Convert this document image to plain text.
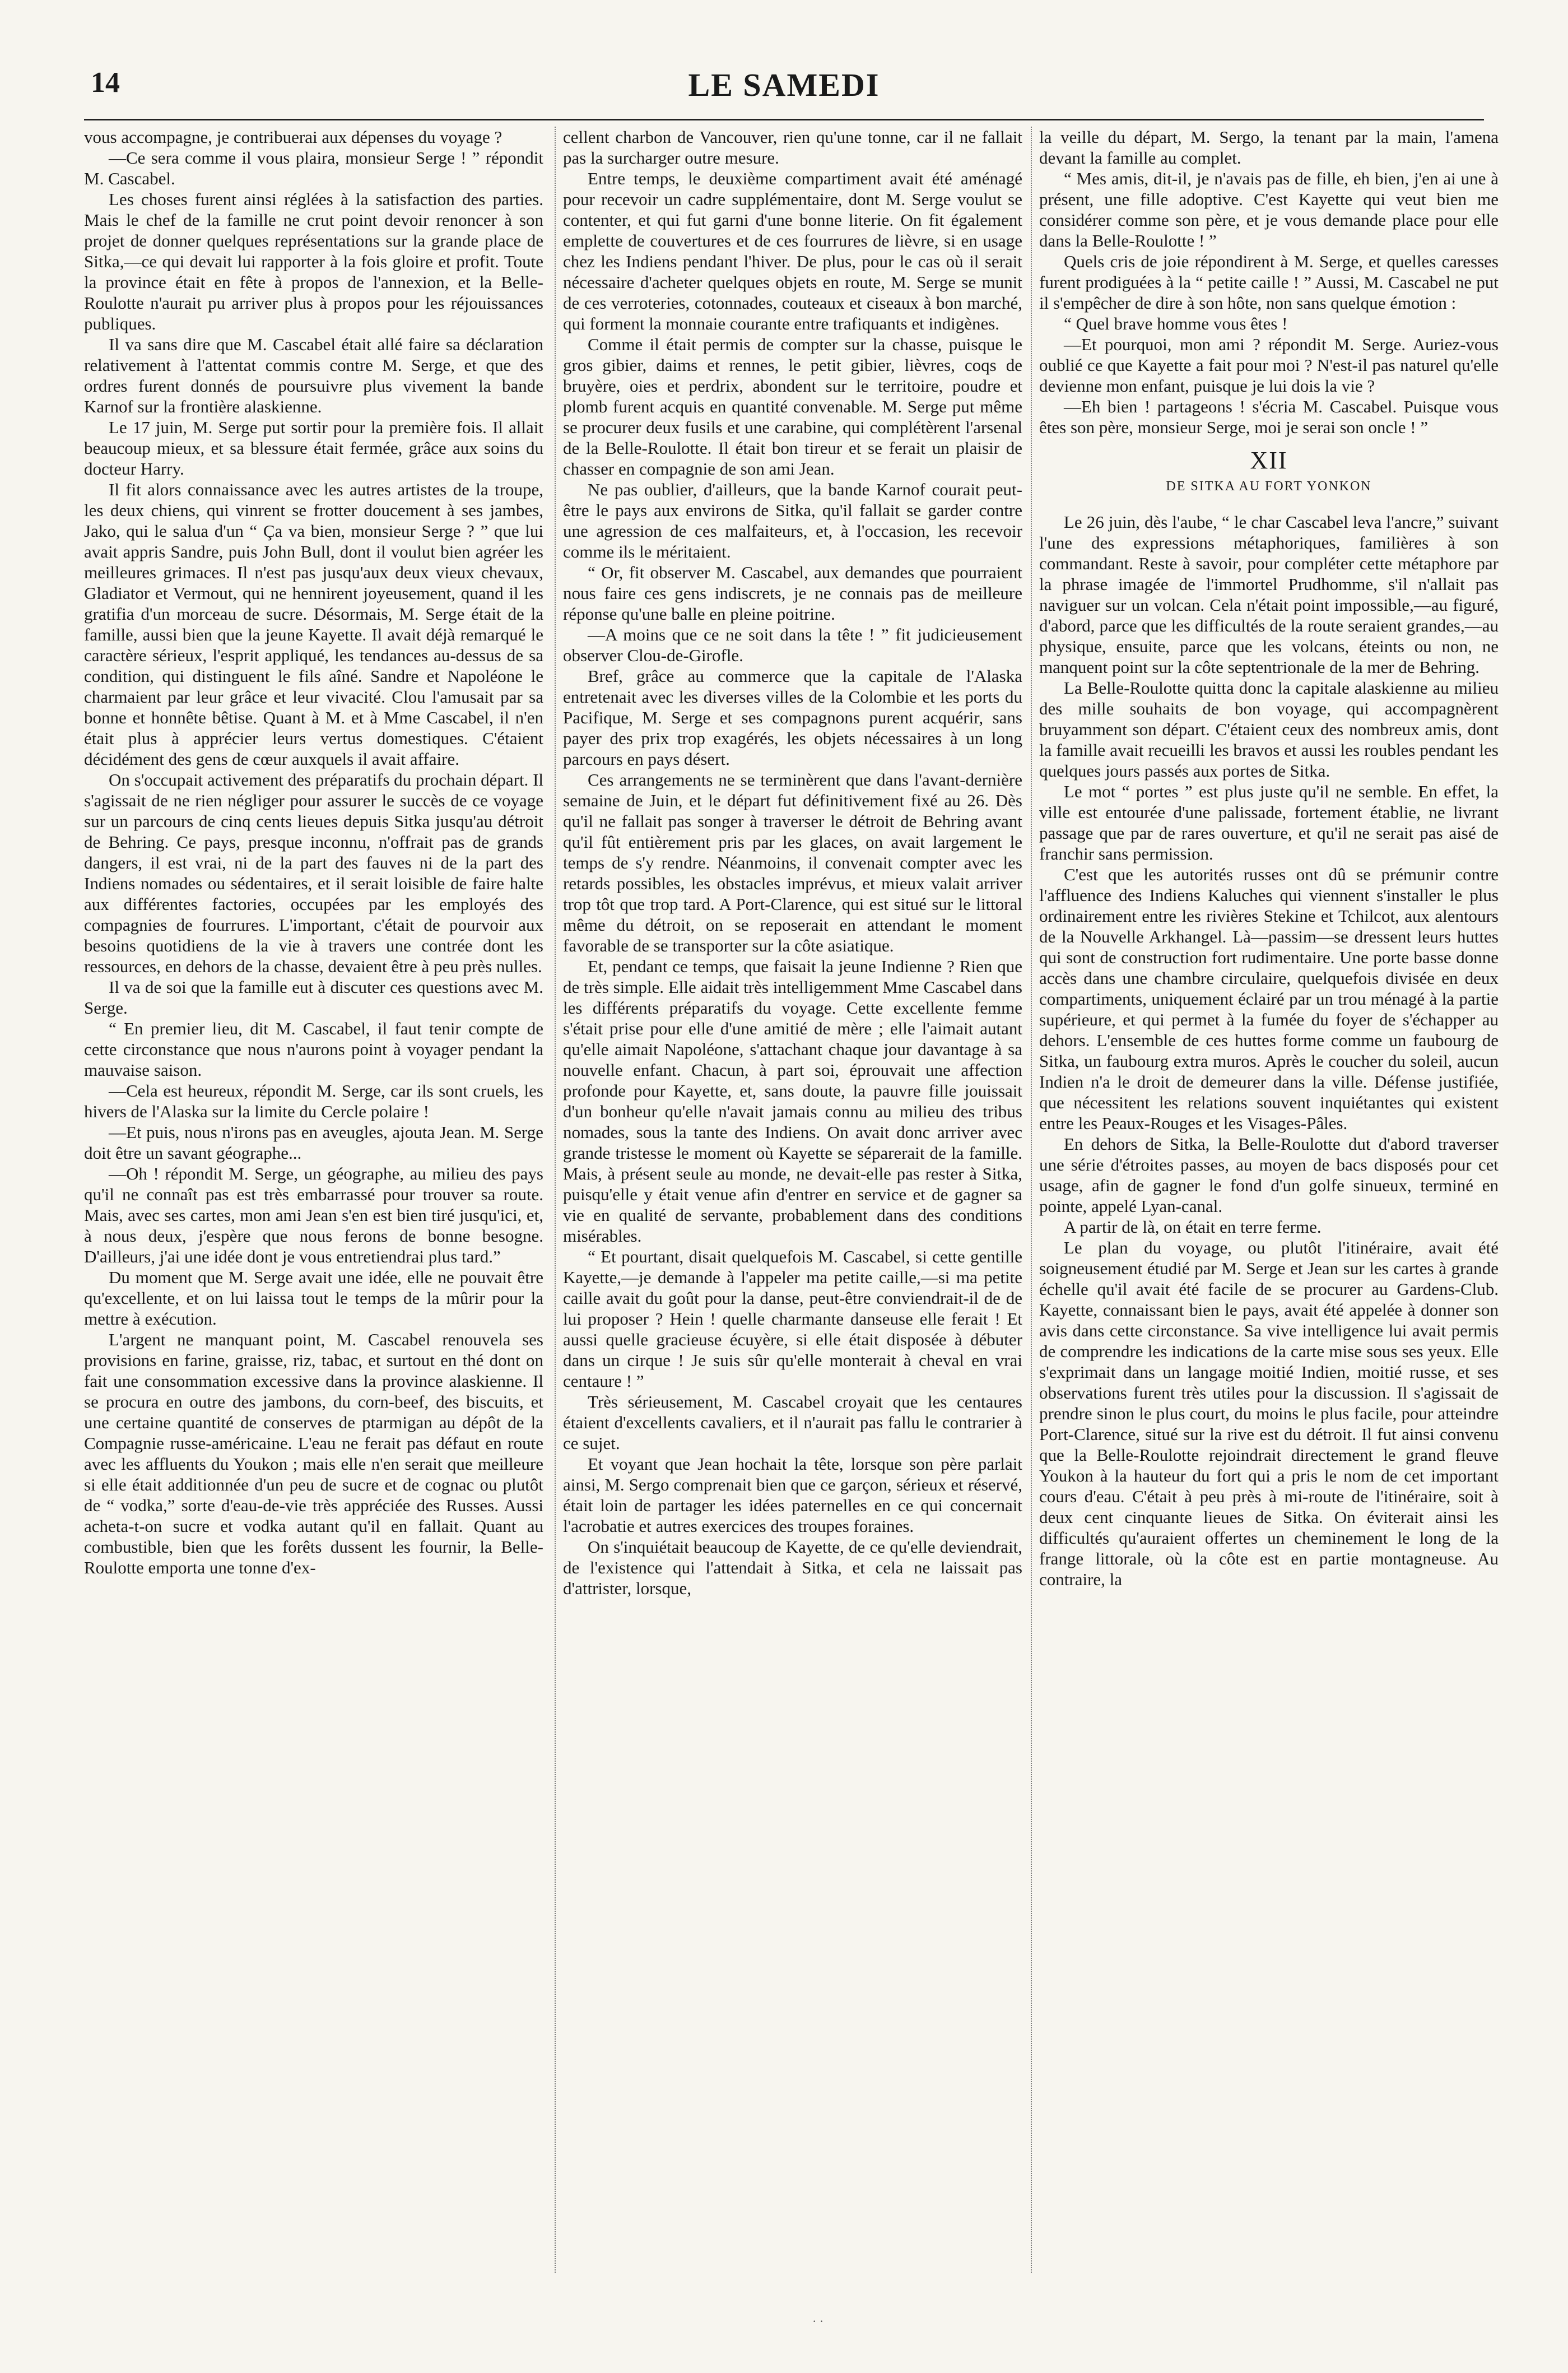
14	LE SAMEDI

vous accompagne, je contribuerai aux dépenses du voyage ?

—Ce sera comme il vous plaira, monsieur Serge ! ” répondit M. Cascabel.

Les choses furent ainsi réglées à la satisfaction des parties. Mais le chef de la famille ne crut point devoir renoncer à son projet de donner quelques représentations sur la grande place de Sitka,—ce qui devait lui rapporter à la fois gloire et profit. Toute la province était en fête à propos de l'annexion, et la Belle-Roulotte n'aurait pu arriver plus à propos pour les réjouissances publiques.

Il va sans dire que M. Cascabel était allé faire sa déclaration relativement à l'attentat commis contre M. Serge, et que des ordres furent donnés de poursuivre plus vivement la bande Karnof sur la frontière alaskienne.

Le 17 juin, M. Serge put sortir pour la première fois. Il allait beaucoup mieux, et sa blessure était fermée, grâce aux soins du docteur Harry.

Il fit alors connaissance avec les autres artistes de la troupe, les deux chiens, qui vinrent se frotter doucement à ses jambes, Jako, qui le salua d'un “ Ça va bien, monsieur Serge ? ” que lui avait appris Sandre, puis John Bull, dont il voulut bien agréer les meilleures grimaces. Il n'est pas jusqu'aux deux vieux chevaux, Gladiator et Vermout, qui ne hennirent joyeusement, quand il les gratifia d'un morceau de sucre. Désormais, M. Serge était de la famille, aussi bien que la jeune Kayette. Il avait déjà remarqué le caractère sérieux, l'esprit appliqué, les tendances au-dessus de sa condition, qui distinguent le fils aîné. Sandre et Napoléone le charmaient par leur grâce et leur vivacité. Clou l'amusait par sa bonne et honnête bêtise. Quant à M. et à Mme Cascabel, il n'en était plus à apprécier leurs vertus domestiques. C'étaient décidément des gens de cœur auxquels il avait affaire.

On s'occupait activement des préparatifs du prochain départ. Il s'agissait de ne rien négliger pour assurer le succès de ce voyage sur un parcours de cinq cents lieues depuis Sitka jusqu'au détroit de Behring. Ce pays, presque inconnu, n'offrait pas de grands dangers, il est vrai, ni de la part des fauves ni de la part des Indiens nomades ou sédentaires, et il serait loisible de faire halte aux différentes factories, occupées par les employés des compagnies de fourrures. L'important, c'était de pourvoir aux besoins quotidiens de la vie à travers une contrée dont les ressources, en dehors de la chasse, devaient être à peu près nulles.

Il va de soi que la famille eut à discuter ces questions avec M. Serge.

“ En premier lieu, dit M. Cascabel, il faut tenir compte de cette circonstance que nous n'aurons point à voyager pendant la mauvaise saison.

—Cela est heureux, répondit M. Serge, car ils sont cruels, les hivers de l'Alaska sur la limite du Cercle polaire !

—Et puis, nous n'irons pas en aveugles, ajouta Jean. M. Serge doit être un savant géographe...

—Oh ! répondit M. Serge, un géographe, au milieu des pays qu'il ne connaît pas est très embarrassé pour trouver sa route. Mais, avec ses cartes, mon ami Jean s'en est bien tiré jusqu'ici, et, à nous deux, j'espère que nous ferons de bonne besogne. D'ailleurs, j'ai une idée dont je vous entretiendrai plus tard.”

Du moment que M. Serge avait une idée, elle ne pouvait être qu'excellente, et on lui laissa tout le temps de la mûrir pour la mettre à exécution.

L'argent ne manquant point, M. Cascabel renouvela ses provisions en farine, graisse, riz, tabac, et surtout en thé dont on fait une consommation excessive dans la province alaskienne. Il se procura en outre des jambons, du corn-beef, des biscuits, et une certaine quantité de conserves de ptarmigan au dépôt de la Compagnie russe-américaine. L'eau ne ferait pas défaut en route avec les affluents du Youkon ; mais elle n'en serait que meilleure si elle était additionnée d'un peu de sucre et de cognac ou plutôt de “ vodka,” sorte d'eau-de-vie très appréciée des Russes. Aussi acheta-t-on sucre et vodka autant qu'il en fallait. Quant au combustible, bien que les forêts dussent les fournir, la Belle-Roulotte emporta une tonne d'ex-

cellent charbon de Vancouver, rien qu'une tonne, car il ne fallait pas la surcharger outre mesure.

Entre temps, le deuxième compartiment avait été aménagé pour recevoir un cadre supplémentaire, dont M. Serge voulut se contenter, et qui fut garni d'une bonne literie. On fit également emplette de couvertures et de ces fourrures de lièvre, si en usage chez les Indiens pendant l'hiver. De plus, pour le cas où il serait nécessaire d'acheter quelques objets en route, M. Serge se munit de ces verroteries, cotonnades, couteaux et ciseaux à bon marché, qui forment la monnaie courante entre trafiquants et indigènes.

Comme il était permis de compter sur la chasse, puisque le gros gibier, daims et rennes, le petit gibier, lièvres, coqs de bruyère, oies et perdrix, abondent sur le territoire, poudre et plomb furent acquis en quantité convenable. M. Serge put même se procurer deux fusils et une carabine, qui complétèrent l'arsenal de la Belle-Roulotte. Il était bon tireur et se ferait un plaisir de chasser en compagnie de son ami Jean.

Ne pas oublier, d'ailleurs, que la bande Karnof courait peut-être le pays aux environs de Sitka, qu'il fallait se garder contre une agression de ces malfaiteurs, et, à l'occasion, les recevoir comme ils le méritaient.

“ Or, fit observer M. Cascabel, aux demandes que pourraient nous faire ces gens indiscrets, je ne connais pas de meilleure réponse qu'une balle en pleine poitrine.

—A moins que ce ne soit dans la tête ! ” fit judicieusement observer Clou-de-Girofle.

Bref, grâce au commerce que la capitale de l'Alaska entretenait avec les diverses villes de la Colombie et les ports du Pacifique, M. Serge et ses compagnons purent acquérir, sans payer des prix trop exagérés, les objets nécessaires à un long parcours en pays désert.

Ces arrangements ne se terminèrent que dans l'avant-dernière semaine de Juin, et le départ fut définitivement fixé au 26. Dès qu'il ne fallait pas songer à traverser le détroit de Behring avant qu'il fût entièrement pris par les glaces, on avait largement le temps de s'y rendre. Néanmoins, il convenait compter avec les retards possibles, les obstacles imprévus, et mieux valait arriver trop tôt que trop tard. A Port-Clarence, qui est situé sur le littoral même du détroit, on se reposerait en attendant le moment favorable de se transporter sur la côte asiatique.

Et, pendant ce temps, que faisait la jeune Indienne ? Rien que de très simple. Elle aidait très intelligemment Mme Cascabel dans les différents préparatifs du voyage. Cette excellente femme s'était prise pour elle d'une amitié de mère ; elle l'aimait autant qu'elle aimait Napoléone, s'attachant chaque jour davantage à sa nouvelle enfant. Chacun, à part soi, éprouvait une affection profonde pour Kayette, et, sans doute, la pauvre fille jouissait d'un bonheur qu'elle n'avait jamais connu au milieu des tribus nomades, sous la tante des Indiens. On avait donc arriver avec grande tristesse le moment où Kayette se séparerait de la famille. Mais, à présent seule au monde, ne devait-elle pas rester à Sitka, puisqu'elle y était venue afin d'entrer en service et de gagner sa vie en qualité de servante, probablement dans des conditions misérables.

“ Et pourtant, disait quelquefois M. Cascabel, si cette gentille Kayette,—je demande à l'appeler ma petite caille,—si ma petite caille avait du goût pour la danse, peut-être conviendrait-il de de lui proposer ? Hein ! quelle charmante danseuse elle ferait ! Et aussi quelle gracieuse écuyère, si elle était disposée à débuter dans un cirque ! Je suis sûr qu'elle monterait à cheval en vrai centaure ! ”

Très sérieusement, M. Cascabel croyait que les centaures étaient d'excellents cavaliers, et il n'aurait pas fallu le contrarier à ce sujet.

Et voyant que Jean hochait la tête, lorsque son père parlait ainsi, M. Sergo comprenait bien que ce garçon, sérieux et réservé, était loin de partager les idées paternelles en ce qui concernait l'acrobatie et autres exercices des troupes foraines.

On s'inquiétait beaucoup de Kayette, de ce qu'elle deviendrait, de l'existence qui l'attendait à Sitka, et cela ne laissait pas d'attrister, lorsque,

la veille du départ, M. Sergo, la tenant par la main, l'amena devant la famille au complet.

“ Mes amis, dit-il, je n'avais pas de fille, eh bien, j'en ai une à présent, une fille adoptive. C'est Kayette qui veut bien me considérer comme son père, et je vous demande place pour elle dans la Belle-Roulotte ! ”

Quels cris de joie répondirent à M. Serge, et quelles caresses furent prodiguées à la “ petite caille ! ” Aussi, M. Cascabel ne put il s'empêcher de dire à son hôte, non sans quelque émotion :

“ Quel brave homme vous êtes !

—Et pourquoi, mon ami ? répondit M. Serge. Auriez-vous oublié ce que Kayette a fait pour moi ? N'est-il pas naturel qu'elle devienne mon enfant, puisque je lui dois la vie ?

—Eh bien ! partageons ! s'écria M. Cascabel. Puisque vous êtes son père, monsieur Serge, moi je serai son oncle ! ”

XII

DE SITKA AU FORT YONKON

Le 26 juin, dès l'aube, “ le char Cascabel leva l'ancre,” suivant l'une des expressions métaphoriques, familières à son commandant. Reste à savoir, pour compléter cette métaphore par la phrase imagée de l'immortel Prudhomme, s'il n'allait pas naviguer sur un volcan. Cela n'était point impossible,—au figuré, d'abord, parce que les difficultés de la route seraient grandes,—au physique, ensuite, parce que les volcans, éteints ou non, ne manquent point sur la côte septentrionale de la mer de Behring.

La Belle-Roulotte quitta donc la capitale alaskienne au milieu des mille souhaits de bon voyage, qui accompagnèrent bruyamment son départ. C'étaient ceux des nombreux amis, dont la famille avait recueilli les bravos et aussi les roubles pendant les quelques jours passés aux portes de Sitka.

Le mot “ portes ” est plus juste qu'il ne semble. En effet, la ville est entourée d'une palissade, fortement établie, ne livrant passage que par de rares ouverture, et qu'il ne serait pas aisé de franchir sans permission.

C'est que les autorités russes ont dû se prémunir contre l'affluence des Indiens Kaluches qui viennent s'installer le plus ordinairement entre les rivières Stekine et Tchilcot, aux alentours de la Nouvelle Arkhangel. Là—passim—se dressent leurs huttes qui sont de construction fort rudimentaire. Une porte basse donne accès dans une chambre circulaire, quelquefois divisée en deux compartiments, uniquement éclairé par un trou ménagé à la partie supérieure, et qui permet à la fumée du foyer de s'échapper au dehors. L'ensemble de ces huttes forme comme un faubourg de Sitka, un faubourg extra muros. Après le coucher du soleil, aucun Indien n'a le droit de demeurer dans la ville. Défense justifiée, que nécessitent les relations souvent inquiétantes qui existent entre les Peaux-Rouges et les Visages-Pâles.

En dehors de Sitka, la Belle-Roulotte dut d'abord traverser une série d'étroites passes, au moyen de bacs disposés pour cet usage, afin de gagner le fond d'un golfe sinueux, terminé en pointe, appelé Lyan-canal.

A partir de là, on était en terre ferme.

Le plan du voyage, ou plutôt l'itinéraire, avait été soigneusement étudié par M. Serge et Jean sur les cartes à grande échelle qu'il avait été facile de se procurer au Gardens-Club. Kayette, connaissant bien le pays, avait été appelée à donner son avis dans cette circonstance. Sa vive intelligence lui avait permis de comprendre les indications de la carte mise sous ses yeux. Elle s'exprimait dans un langage moitié Indien, moitié russe, et ses observations furent très utiles pour la discussion. Il s'agissait de prendre sinon le plus court, du moins le plus facile, pour atteindre Port-Clarence, situé sur la rive est du détroit. Il fut ainsi convenu que la Belle-Roulotte rejoindrait directement le grand fleuve Youkon à la hauteur du fort qui a pris le nom de cet important cours d'eau. C'était à peu près à mi-route de l'itinéraire, soit à deux cent cinquante lieues de Sitka. On éviterait ainsi les difficultés qu'auraient offertes un cheminement le long de la frange littorale, où la côte est en partie montagneuse. Au contraire, la

· ·
